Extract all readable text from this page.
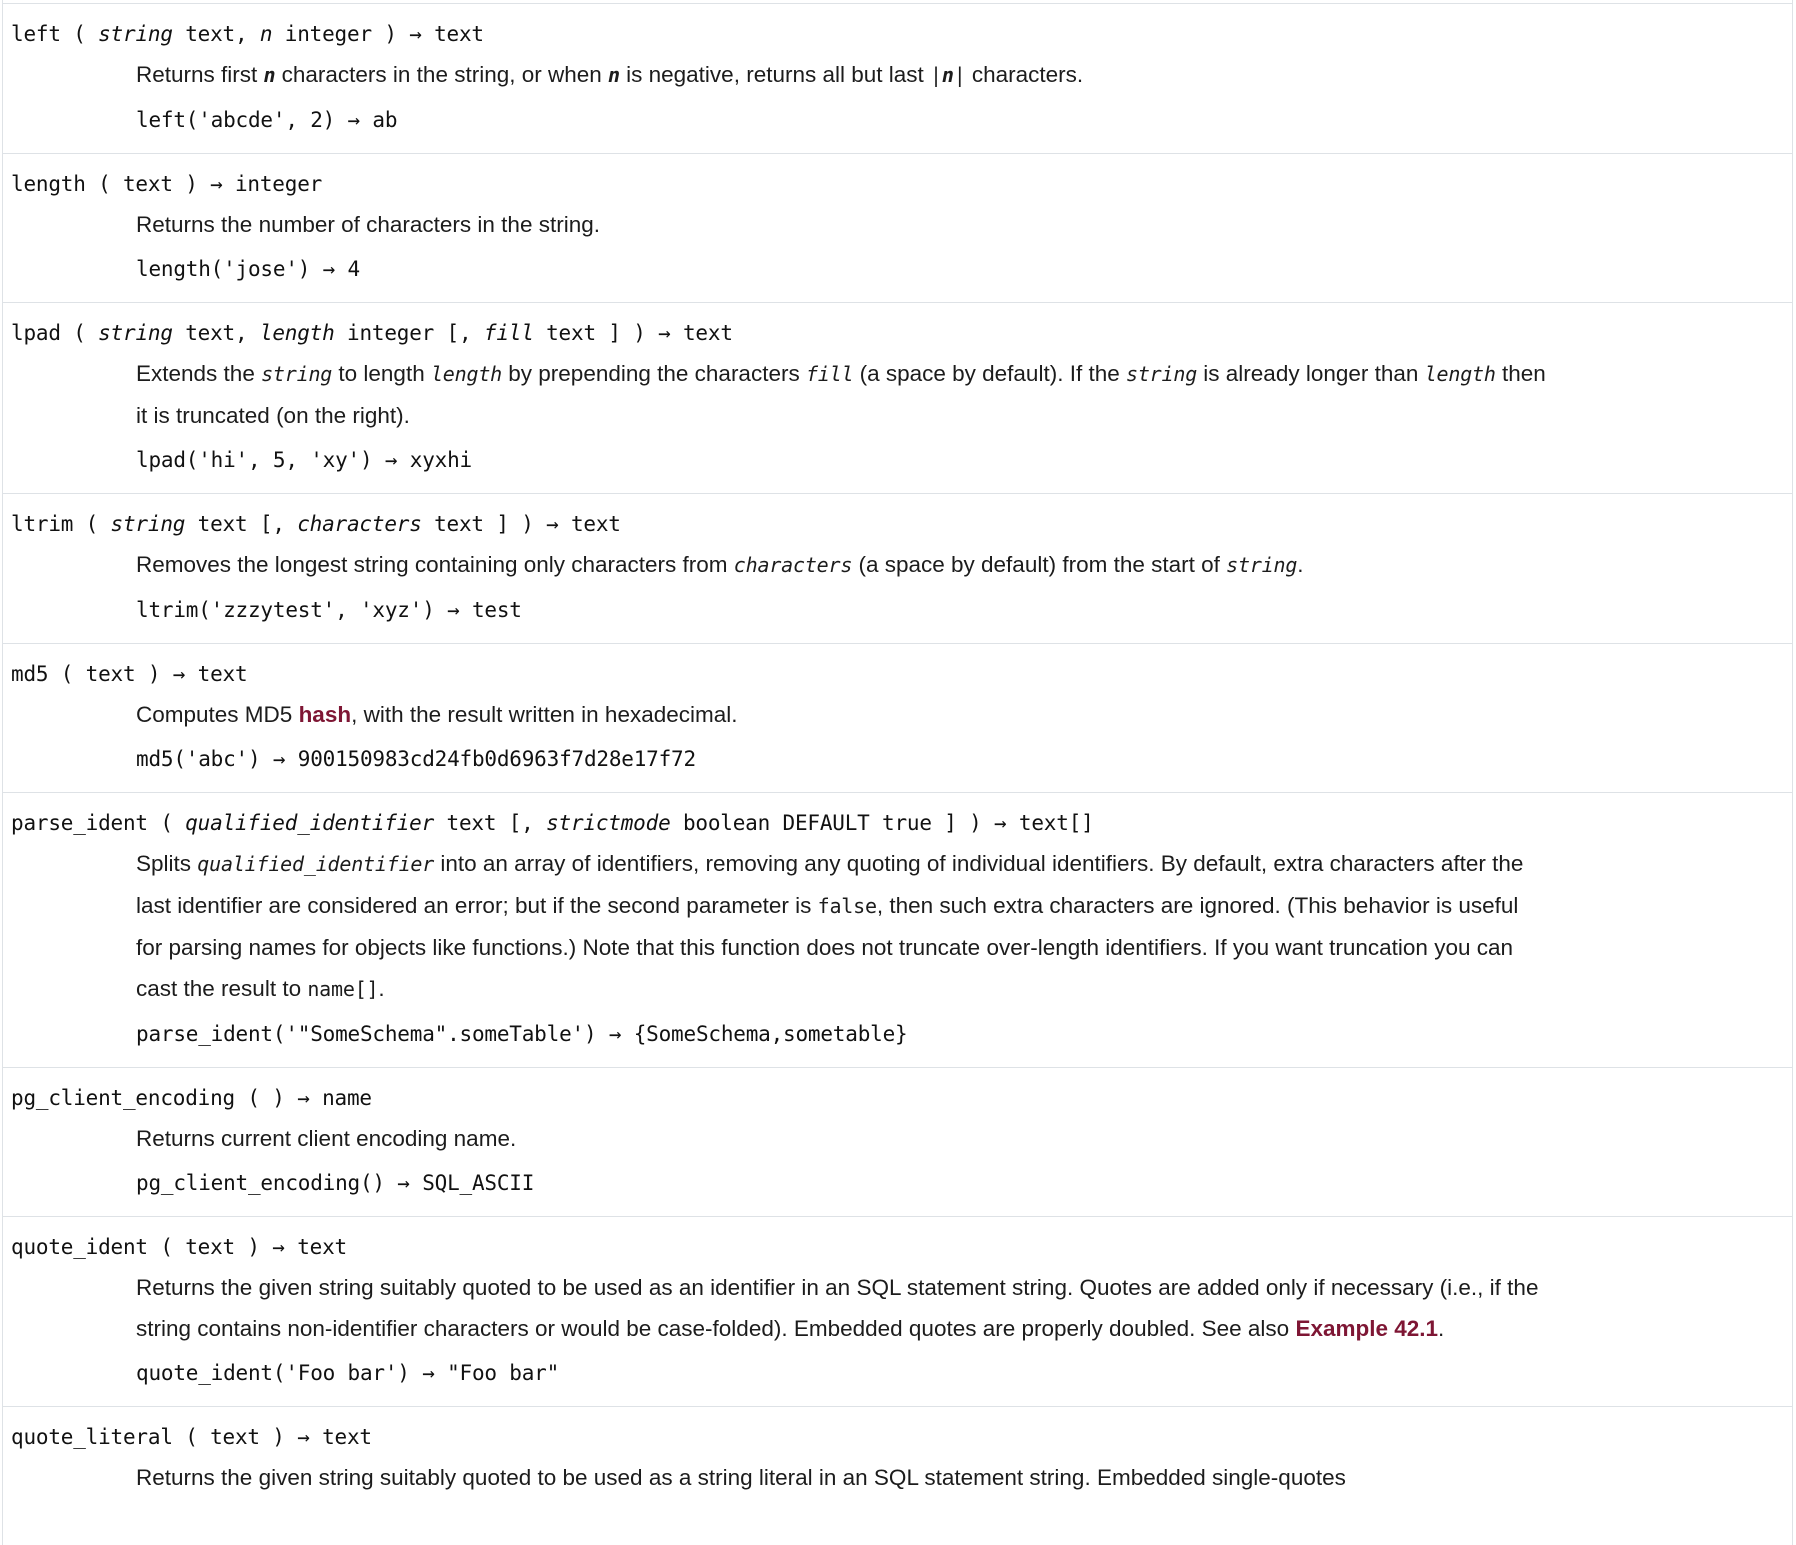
left ( string text, n integer ) → text
Returns first n characters in the string, or when n is negative, returns all but last |n| characters.
left('abcde', 2) → ab
length ( text ) → integer
Returns the number of characters in the string.
length('jose') → 4
lpad ( string text, length integer [, fill text ] ) → text
Extends the string to length length by prepending the characters fill (a space by default). If the string is already longer than length then it is truncated (on the right).
lpad('hi', 5, 'xy') → xyxhi
ltrim ( string text [, characters text ] ) → text
Removes the longest string containing only characters from characters (a space by default) from the start of string.
ltrim('zzzytest', 'xyz') → test
md5 ( text ) → text
Computes MD5 hash, with the result written in hexadecimal.
md5('abc') → 900150983cd24fb0d6963f7d28e17f72
parse_ident ( qualified_identifier text [, strictmode boolean DEFAULT true ] ) → text[]
Splits qualified_identifier into an array of identifiers, removing any quoting of individual identifiers. By default, extra characters after the last identifier are considered an error; but if the second parameter is false, then such extra characters are ignored. (This behavior is useful for parsing names for objects like functions.) Note that this function does not truncate over-length identifiers. If you want truncation you can cast the result to name[].
parse_ident('"SomeSchema".someTable') → {SomeSchema,sometable}
pg_client_encoding ( ) → name
Returns current client encoding name.
pg_client_encoding() → SQL_ASCII
quote_ident ( text ) → text
Returns the given string suitably quoted to be used as an identifier in an SQL statement string. Quotes are added only if necessary (i.e., if the string contains non-identifier characters or would be case-folded). Embedded quotes are properly doubled. See also Example 42.1.
quote_ident('Foo bar') → "Foo bar"
quote_literal ( text ) → text
Returns the given string suitably quoted to be used as a string literal in an SQL statement string. Embedded single-quotes
